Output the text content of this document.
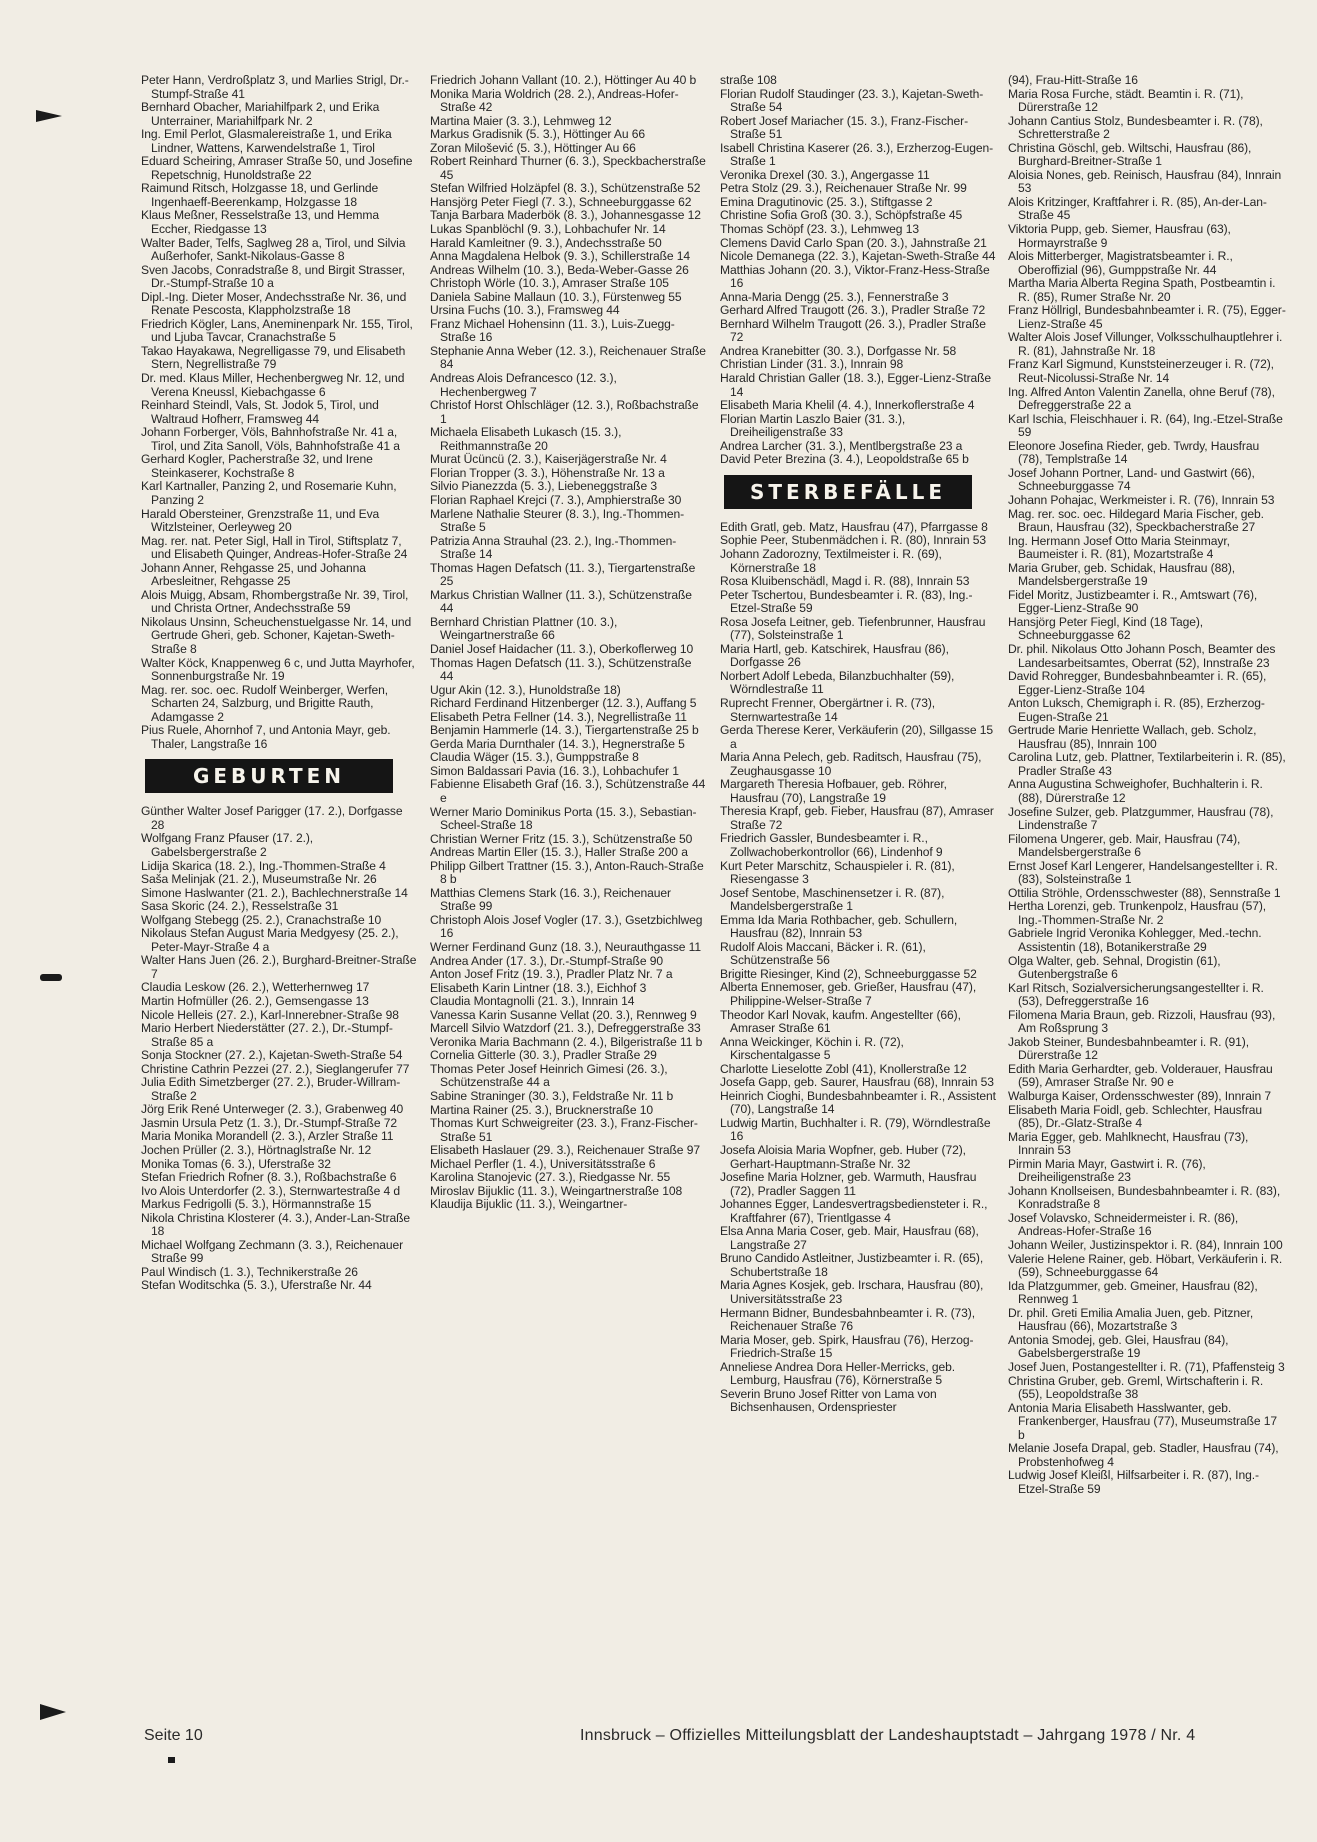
Peter Hann, Verdroßplatz 3, und Marlies Strigl, Dr.-Stumpf-Straße 41

Bernhard Obacher, Mariahilfpark 2, und Erika Unterrainer, Mariahilfpark Nr. 2

Ing. Emil Perlot, Glasmalereistraße 1, und Erika Lindner, Wattens, Karwendelstraße 1, Tirol

Eduard Scheiring, Amraser Straße 50, und Josefine Repetschnig, Hunoldstraße 22

Raimund Ritsch, Holzgasse 18, und Gerlinde Ingenhaeff-Beerenkamp, Holzgasse 18

Klaus Meßner, Resselstraße 13, und Hemma Eccher, Riedgasse 13

Walter Bader, Telfs, Saglweg 28 a, Tirol, und Silvia Außerhofer, Sankt-Nikolaus-Gasse 8

Sven Jacobs, Conradstraße 8, und Birgit Strasser, Dr.-Stumpf-Straße 10 a

Dipl.-Ing. Dieter Moser, Andechsstraße Nr. 36, und Renate Pescosta, Klappholzstraße 18

Friedrich Kögler, Lans, Aneminenpark Nr. 155, Tirol, und Ljuba Tavcar, Cranachstraße 5

Takao Hayakawa, Negrelligasse 79, und Elisabeth Stern, Negrellistraße 79

Dr. med. Klaus Miller, Hechenbergweg Nr. 12, und Verena Kneussl, Kiebachgasse 6

Reinhard Steindl, Vals, St. Jodok 5, Tirol, und Waltraud Hofherr, Framsweg 44

Johann Forberger, Völs, Bahnhofstraße Nr. 41 a, Tirol, und Zita Sanoll, Völs, Bahnhofstraße 41 a

Gerhard Kogler, Pacherstraße 32, und Irene Steinkaserer, Kochstraße 8

Karl Kartnaller, Panzing 2, und Rosemarie Kuhn, Panzing 2

Harald Obersteiner, Grenzstraße 11, und Eva Witzlsteiner, Oerleyweg 20

Mag. rer. nat. Peter Sigl, Hall in Tirol, Stiftsplatz 7, und Elisabeth Quinger, Andreas-Hofer-Straße 24

Johann Anner, Rehgasse 25, und Johanna Arbesleitner, Rehgasse 25

Alois Muigg, Absam, Rhombergstraße Nr. 39, Tirol, und Christa Ortner, Andechsstraße 59

Nikolaus Unsinn, Scheuchenstuelgasse Nr. 14, und Gertrude Gheri, geb. Schoner, Kajetan-Sweth-Straße 8

Walter Köck, Knappenweg 6 c, und Jutta Mayrhofer, Sonnenburgstraße Nr. 19

Mag. rer. soc. oec. Rudolf Weinberger, Werfen, Scharten 24, Salzburg, und Brigitte Rauth, Adamgasse 2

Pius Ruele, Ahornhof 7, und Antonia Mayr, geb. Thaler, Langstraße 16

GEBURTEN

Günther Walter Josef Parigger (17. 2.), Dorfgasse 28

Wolfgang Franz Pfauser (17. 2.), Gabelsbergerstraße 2

Lidija Skarica (18. 2.), Ing.-Thommen-Straße 4

Saša Melinjak (21. 2.), Museumstraße Nr. 26

Simone Haslwanter (21. 2.), Bachlechnerstraße 14

Sasa Skoric (24. 2.), Resselstraße 31

Wolfgang Stebegg (25. 2.), Cranachstraße 10

Nikolaus Stefan August Maria Medgyesy (25. 2.), Peter-Mayr-Straße 4 a

Walter Hans Juen (26. 2.), Burghard-Breitner-Straße 7

Claudia Leskow (26. 2.), Wetterhernweg 17

Martin Hofmüller (26. 2.), Gemsengasse 13

Nicole Helleis (27. 2.), Karl-Innerebner-Straße 98

Mario Herbert Niederstätter (27. 2.), Dr.-Stumpf-Straße 85 a

Sonja Stockner (27. 2.), Kajetan-Sweth-Straße 54

Christine Cathrin Pezzei (27. 2.), Sieglangerufer 77

Julia Edith Simetzberger (27. 2.), Bruder-Willram-Straße 2

Jörg Erik René Unterweger (2. 3.), Grabenweg 40

Jasmin Ursula Petz (1. 3.), Dr.-Stumpf-Straße 72

Maria Monika Morandell (2. 3.), Arzler Straße 11

Jochen Prüller (2. 3.), Hörtnaglstraße Nr. 12

Monika Tomas (6. 3.), Uferstraße 32

Stefan Friedrich Rofner (8. 3.), Roßbachstraße 6

Ivo Alois Unterdorfer (2. 3.), Sternwartestraße 4 d

Markus Fedrigolli (5. 3.), Hörmannstraße 15

Nikola Christina Klosterer (4. 3.), Ander-Lan-Straße 18

Michael Wolfgang Zechmann (3. 3.), Reichenauer Straße 99

Paul Windisch (1. 3.), Technikerstraße 26

Stefan Woditschka (5. 3.), Uferstraße Nr. 44

Friedrich Johann Vallant (10. 2.), Höttinger Au 40 b

Monika Maria Woldrich (28. 2.), Andreas-Hofer-Straße 42

Martina Maier (3. 3.), Lehmweg 12

Markus Gradisnik (5. 3.), Höttinger Au 66

Zoran Milošević (5. 3.), Höttinger Au 66

Robert Reinhard Thurner (6. 3.), Speckbacherstraße 45

Stefan Wilfried Holzäpfel (8. 3.), Schützenstraße 52

Hansjörg Peter Fiegl (7. 3.), Schneeburggasse 62

Tanja Barbara Maderbök (8. 3.), Johannesgasse 12

Lukas Spanblöchl (9. 3.), Lohbachufer Nr. 14

Harald Kamleitner (9. 3.), Andechsstraße 50

Anna Magdalena Helbok (9. 3.), Schillerstraße 14

Andreas Wilhelm (10. 3.), Beda-Weber-Gasse 26

Christoph Wörle (10. 3.), Amraser Straße 105

Daniela Sabine Mallaun (10. 3.), Fürstenweg 55

Ursina Fuchs (10. 3.), Framsweg 44

Franz Michael Hohensinn (11. 3.), Luis-Zuegg-Straße 16

Stephanie Anna Weber (12. 3.), Reichenauer Straße 84

Andreas Alois Defrancesco (12. 3.), Hechenbergweg 7

Christof Horst Ohlschläger (12. 3.), Roßbachstraße 1

Michaela Elisabeth Lukasch (15. 3.), Reithmannstraße 20

Murat Ücüncü (2. 3.), Kaiserjägerstraße Nr. 4

Florian Tropper (3. 3.), Höhenstraße Nr. 13 a

Silvio Pianezzda (5. 3.), Liebeneggstraße 3

Florian Raphael Krejci (7. 3.), Amphierstraße 30

Marlene Nathalie Steurer (8. 3.), Ing.-Thommen-Straße 5

Patrizia Anna Strauhal (23. 2.), Ing.-Thommen-Straße 14

Thomas Hagen Defatsch (11. 3.), Tiergartenstraße 25

Markus Christian Wallner (11. 3.), Schützenstraße 44

Bernhard Christian Plattner (10. 3.), Weingartnerstraße 66

Daniel Josef Haidacher (11. 3.), Oberkoflerweg 10

Thomas Hagen Defatsch (11. 3.), Schützenstraße 44

Ugur Akin (12. 3.), Hunoldstraße 18)

Richard Ferdinand Hitzenberger (12. 3.), Auffang 5

Elisabeth Petra Fellner (14. 3.), Negrellistraße 11

Benjamin Hammerle (14. 3.), Tiergartenstraße 25 b

Gerda Maria Durnthaler (14. 3.), Hegnerstraße 5

Claudia Wäger (15. 3.), Gumppstraße 8

Simon Baldassari Pavia (16. 3.), Lohbachufer 1

Fabienne Elisabeth Graf (16. 3.), Schützenstraße 44 e

Werner Mario Dominikus Porta (15. 3.), Sebastian-Scheel-Straße 18

Christian Werner Fritz (15. 3.), Schützenstraße 50

Andreas Martin Eller (15. 3.), Haller Straße 200 a

Philipp Gilbert Trattner (15. 3.), Anton-Rauch-Straße 8 b

Matthias Clemens Stark (16. 3.), Reichenauer Straße 99

Christoph Alois Josef Vogler (17. 3.), Gsetzbichlweg 16

Werner Ferdinand Gunz (18. 3.), Neurauthgasse 11

Andrea Ander (17. 3.), Dr.-Stumpf-Straße 90

Anton Josef Fritz (19. 3.), Pradler Platz Nr. 7 a

Elisabeth Karin Lintner (18. 3.), Eichhof 3

Claudia Montagnolli (21. 3.), Innrain 14

Vanessa Karin Susanne Vellat (20. 3.), Rennweg 9

Marcell Silvio Watzdorf (21. 3.), Defreggerstraße 33

Veronika Maria Bachmann (2. 4.), Bilgeristraße 11 b

Cornelia Gitterle (30. 3.), Pradler Straße 29

Thomas Peter Josef Heinrich Gimesi (26. 3.), Schützenstraße 44 a

Sabine Straninger (30. 3.), Feldstraße Nr. 11 b

Martina Rainer (25. 3.), Brucknerstraße 10

Thomas Kurt Schweigreiter (23. 3.), Franz-Fischer-Straße 51

Elisabeth Haslauer (29. 3.), Reichenauer Straße 97

Michael Perfler (1. 4.), Universitätsstraße 6

Karolina Stanojevic (27. 3.), Riedgasse Nr. 55

Miroslav Bijuklic (11. 3.), Weingartnerstraße 108

Klaudija Bijuklic (11. 3.), Weingartner-

straße 108

Florian Rudolf Staudinger (23. 3.), Kajetan-Sweth-Straße 54

Robert Josef Mariacher (15. 3.), Franz-Fischer-Straße 51

Isabell Christina Kaserer (26. 3.), Erzherzog-Eugen-Straße 1

Veronika Drexel (30. 3.), Angergasse 11

Petra Stolz (29. 3.), Reichenauer Straße Nr. 99

Emina Dragutinovic (25. 3.), Stiftgasse 2

Christine Sofia Groß (30. 3.), Schöpfstraße 45

Thomas Schöpf (23. 3.), Lehmweg 13

Clemens David Carlo Span (20. 3.), Jahnstraße 21

Nicole Demanega (22. 3.), Kajetan-Sweth-Straße 44

Matthias Johann (20. 3.), Viktor-Franz-Hess-Straße 16

Anna-Maria Dengg (25. 3.), Fennerstraße 3

Gerhard Alfred Traugott (26. 3.), Pradler Straße 72

Bernhard Wilhelm Traugott (26. 3.), Pradler Straße 72

Andrea Kranebitter (30. 3.), Dorfgasse Nr. 58

Christian Linder (31. 3.), Innrain 98

Harald Christian Galler (18. 3.), Egger-Lienz-Straße 14

Elisabeth Maria Khelil (4. 4.), Innerkoflerstraße 4

Florian Martin Laszlo Baier (31. 3.), Dreiheiligenstraße 33

Andrea Larcher (31. 3.), Mentlbergstraße 23 a

David Peter Brezina (3. 4.), Leopoldstraße 65 b

STERBEFÄLLE

Edith Gratl, geb. Matz, Hausfrau (47), Pfarrgasse 8

Sophie Peer, Stubenmädchen i. R. (80), Innrain 53

Johann Zadorozny, Textilmeister i. R. (69), Körnerstraße 18

Rosa Kluibenschädl, Magd i. R. (88), Innrain 53

Peter Tschertou, Bundesbeamter i. R. (83), Ing.-Etzel-Straße 59

Rosa Josefa Leitner, geb. Tiefenbrunner, Hausfrau (77), Solsteinstraße 1

Maria Hartl, geb. Katschirek, Hausfrau (86), Dorfgasse 26

Norbert Adolf Lebeda, Bilanzbuchhalter (59), Wörndlestraße 11

Ruprecht Frenner, Obergärtner i. R. (73), Sternwartestraße 14

Gerda Therese Kerer, Verkäuferin (20), Sillgasse 15 a

Maria Anna Pelech, geb. Raditsch, Hausfrau (75), Zeughausgasse 10

Margareth Theresia Hofbauer, geb. Röhrer, Hausfrau (70), Langstraße 19

Theresia Krapf, geb. Fieber, Hausfrau (87), Amraser Straße 72

Friedrich Gassler, Bundesbeamter i. R., Zollwachoberkontrollor (66), Lindenhof 9

Kurt Peter Marschitz, Schauspieler i. R. (81), Riesengasse 3

Josef Sentobe, Maschinensetzer i. R. (87), Mandelsbergerstraße 1

Emma Ida Maria Rothbacher, geb. Schullern, Hausfrau (82), Innrain 53

Rudolf Alois Maccani, Bäcker i. R. (61), Schützenstraße 56

Brigitte Riesinger, Kind (2), Schneeburggasse 52

Alberta Ennemoser, geb. Grießer, Hausfrau (47), Philippine-Welser-Straße 7

Theodor Karl Novak, kaufm. Angestellter (66), Amraser Straße 61

Anna Weickinger, Köchin i. R. (72), Kirschentalgasse 5

Charlotte Lieselotte Zobl (41), Knollerstraße 12

Josefa Gapp, geb. Saurer, Hausfrau (68), Innrain 53

Heinrich Cioghi, Bundesbahnbeamter i. R., Assistent (70), Langstraße 14

Ludwig Martin, Buchhalter i. R. (79), Wörndlestraße 16

Josefa Aloisia Maria Wopfner, geb. Huber (72), Gerhart-Hauptmann-Straße Nr. 32

Josefine Maria Holzner, geb. Warmuth, Hausfrau (72), Pradler Saggen 11

Johannes Egger, Landesvertragsbediensteter i. R., Kraftfahrer (67), Trientlgasse 4

Elsa Anna Maria Coser, geb. Mair, Hausfrau (68), Langstraße 27

Bruno Candido Astleitner, Justizbeamter i. R. (65), Schubertstraße 18

Maria Agnes Kosjek, geb. Irschara, Hausfrau (80), Universitätsstraße 23

Hermann Bidner, Bundesbahnbeamter i. R. (73), Reichenauer Straße 76

Maria Moser, geb. Spirk, Hausfrau (76), Herzog-Friedrich-Straße 15

Anneliese Andrea Dora Heller-Merricks, geb. Lemburg, Hausfrau (76), Körnerstraße 5

Severin Bruno Josef Ritter von Lama von Bichsenhausen, Ordenspriester

(94), Frau-Hitt-Straße 16

Maria Rosa Furche, städt. Beamtin i. R. (71), Dürerstraße 12

Johann Cantius Stolz, Bundesbeamter i. R. (78), Schretterstraße 2

Christina Göschl, geb. Wiltschi, Hausfrau (86), Burghard-Breitner-Straße 1

Aloisia Nones, geb. Reinisch, Hausfrau (84), Innrain 53

Alois Kritzinger, Kraftfahrer i. R. (85), An-der-Lan-Straße 45

Viktoria Pupp, geb. Siemer, Hausfrau (63), Hormayrstraße 9

Alois Mitterberger, Magistratsbeamter i. R., Oberoffizial (96), Gumppstraße Nr. 44

Martha Maria Alberta Regina Spath, Postbeamtin i. R. (85), Rumer Straße Nr. 20

Franz Höllrigl, Bundesbahnbeamter i. R. (75), Egger-Lienz-Straße 45

Walter Alois Josef Villunger, Volksschulhauptlehrer i. R. (81), Jahnstraße Nr. 18

Franz Karl Sigmund, Kunststeinerzeuger i. R. (72), Reut-Nicolussi-Straße Nr. 14

Ing. Alfred Anton Valentin Zanella, ohne Beruf (78), Defreggerstraße 22 a

Karl Ischia, Fleischhauer i. R. (64), Ing.-Etzel-Straße 59

Eleonore Josefina Rieder, geb. Twrdy, Hausfrau (78), Templstraße 14

Josef Johann Portner, Land- und Gastwirt (66), Schneeburggasse 74

Johann Pohajac, Werkmeister i. R. (76), Innrain 53

Mag. rer. soc. oec. Hildegard Maria Fischer, geb. Braun, Hausfrau (32), Speckbacherstraße 27

Ing. Hermann Josef Otto Maria Steinmayr, Baumeister i. R. (81), Mozartstraße 4

Maria Gruber, geb. Schidak, Hausfrau (88), Mandelsbergerstraße 19

Fidel Moritz, Justizbeamter i. R., Amtswart (76), Egger-Lienz-Straße 90

Hansjörg Peter Fiegl, Kind (18 Tage), Schneeburggasse 62

Dr. phil. Nikolaus Otto Johann Posch, Beamter des Landesarbeitsamtes, Oberrat (52), Innstraße 23

David Rohregger, Bundesbahnbeamter i. R. (65), Egger-Lienz-Straße 104

Anton Luksch, Chemigraph i. R. (85), Erzherzog-Eugen-Straße 21

Gertrude Marie Henriette Wallach, geb. Scholz, Hausfrau (85), Innrain 100

Carolina Lutz, geb. Plattner, Textilarbeiterin i. R. (85), Pradler Straße 43

Anna Augustina Schweighofer, Buchhalterin i. R. (88), Dürerstraße 12

Josefine Sulzer, geb. Platzgummer, Hausfrau (78), Lindenstraße 7

Filomena Ungerer, geb. Mair, Hausfrau (74), Mandelsbergerstraße 6

Ernst Josef Karl Lengerer, Handelsangestellter i. R. (83), Solsteinstraße 1

Ottilia Ströhle, Ordensschwester (88), Sennstraße 1

Hertha Lorenzi, geb. Trunkenpolz, Hausfrau (57), Ing.-Thommen-Straße Nr. 2

Gabriele Ingrid Veronika Kohlegger, Med.-techn. Assistentin (18), Botanikerstraße 29

Olga Walter, geb. Sehnal, Drogistin (61), Gutenbergstraße 6

Karl Ritsch, Sozialversicherungsangestellter i. R. (53), Defreggerstraße 16

Filomena Maria Braun, geb. Rizzoli, Hausfrau (93), Am Roßsprung 3

Jakob Steiner, Bundesbahnbeamter i. R. (91), Dürerstraße 12

Edith Maria Gerhardter, geb. Volderauer, Hausfrau (59), Amraser Straße Nr. 90 e

Walburga Kaiser, Ordensschwester (89), Innrain 7

Elisabeth Maria Foidl, geb. Schlechter, Hausfrau (85), Dr.-Glatz-Straße 4

Maria Egger, geb. Mahlknecht, Hausfrau (73), Innrain 53

Pirmin Maria Mayr, Gastwirt i. R. (76), Dreiheiligenstraße 23

Johann Knollseisen, Bundesbahnbeamter i. R. (83), Konradstraße 8

Josef Volavsko, Schneidermeister i. R. (86), Andreas-Hofer-Straße 16

Johann Weiler, Justizinspektor i. R. (84), Innrain 100

Valerie Helene Rainer, geb. Höbart, Verkäuferin i. R. (59), Schneeburggasse 64

Ida Platzgummer, geb. Gmeiner, Hausfrau (82), Rennweg 1

Dr. phil. Greti Emilia Amalia Juen, geb. Pitzner, Hausfrau (66), Mozartstraße 3

Antonia Smodej, geb. Glei, Hausfrau (84), Gabelsbergerstraße 19

Josef Juen, Postangestellter i. R. (71), Pfaffensteig 3

Christina Gruber, geb. Greml, Wirtschafterin i. R. (55), Leopoldstraße 38

Antonia Maria Elisabeth Hasslwanter, geb. Frankenberger, Hausfrau (77), Museumstraße 17 b

Melanie Josefa Drapal, geb. Stadler, Hausfrau (74), Probstenhofweg 4

Ludwig Josef Kleißl, Hilfsarbeiter i. R. (87), Ing.-Etzel-Straße 59

Seite 10	Innsbruck – Offizielles Mitteilungsblatt der Landeshauptstadt – Jahrgang 1978 / Nr. 4
